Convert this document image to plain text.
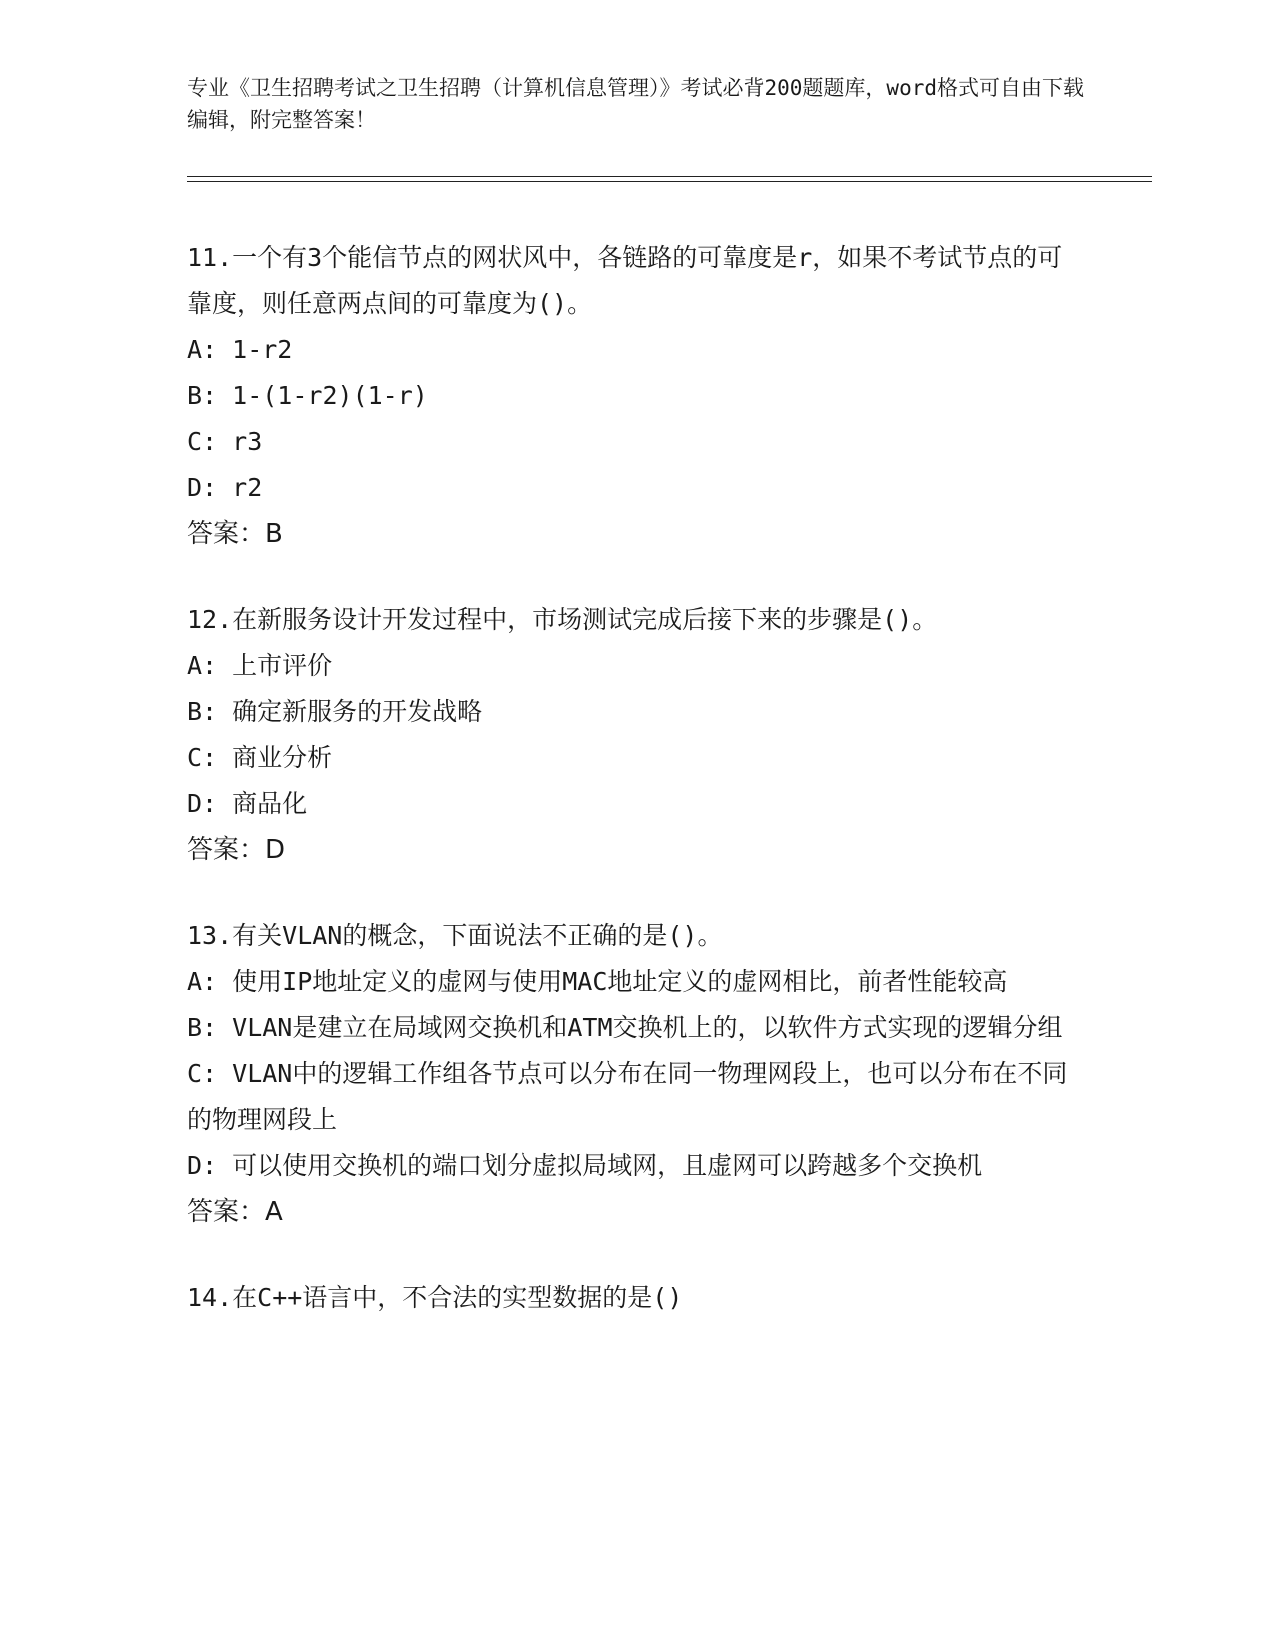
专业《卫生招聘考试之卫生招聘（计算机信息管理）》考试必背200题题库，word格式可自由下载编辑，附完整答案！
11.一个有3个能信节点的网状风中，各链路的可靠度是r，如果不考试节点的可靠度，则任意两点间的可靠度为()。
A: 1-r2
B: 1-(1-r2)(1-r)
C: r3
D: r2
答案：B
12.在新服务设计开发过程中，市场测试完成后接下来的步骤是()。
A: 上市评价
B: 确定新服务的开发战略
C: 商业分析
D: 商品化
答案：D
13.有关VLAN的概念，下面说法不正确的是()。
A: 使用IP地址定义的虚网与使用MAC地址定义的虚网相比，前者性能较高
B: VLAN是建立在局域网交换机和ATM交换机上的，以软件方式实现的逻辑分组
C: VLAN中的逻辑工作组各节点可以分布在同一物理网段上，也可以分布在不同的物理网段上
D: 可以使用交换机的端口划分虚拟局域网，且虚网可以跨越多个交换机
答案：A
14.在C++语言中，不合法的实型数据的是()
